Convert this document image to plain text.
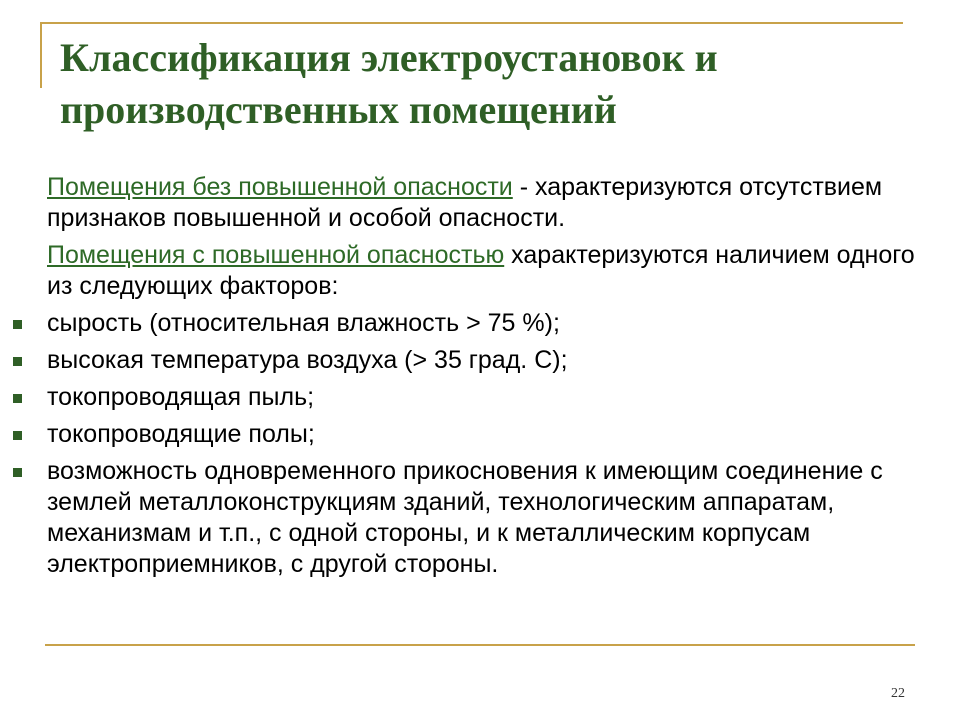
Классификация электроустановок и производственных помещений

Помещения без повышенной опасности - характеризуются отсутствием признаков повышенной и особой опасности.

Помещения с повышенной опасностью характеризуются наличием одного из следующих факторов:

сырость (относительная влажность > 75 %);
высокая температура воздуха (> 35 град. С);
токопроводящая пыль;
токопроводящие полы;
возможность одновременного прикосновения к имеющим соединение с землей металлоконструкциям зданий, технологическим аппаратам, механизмам и т.п., с одной стороны, и к металлическим корпусам электроприемников, с другой стороны.
22
